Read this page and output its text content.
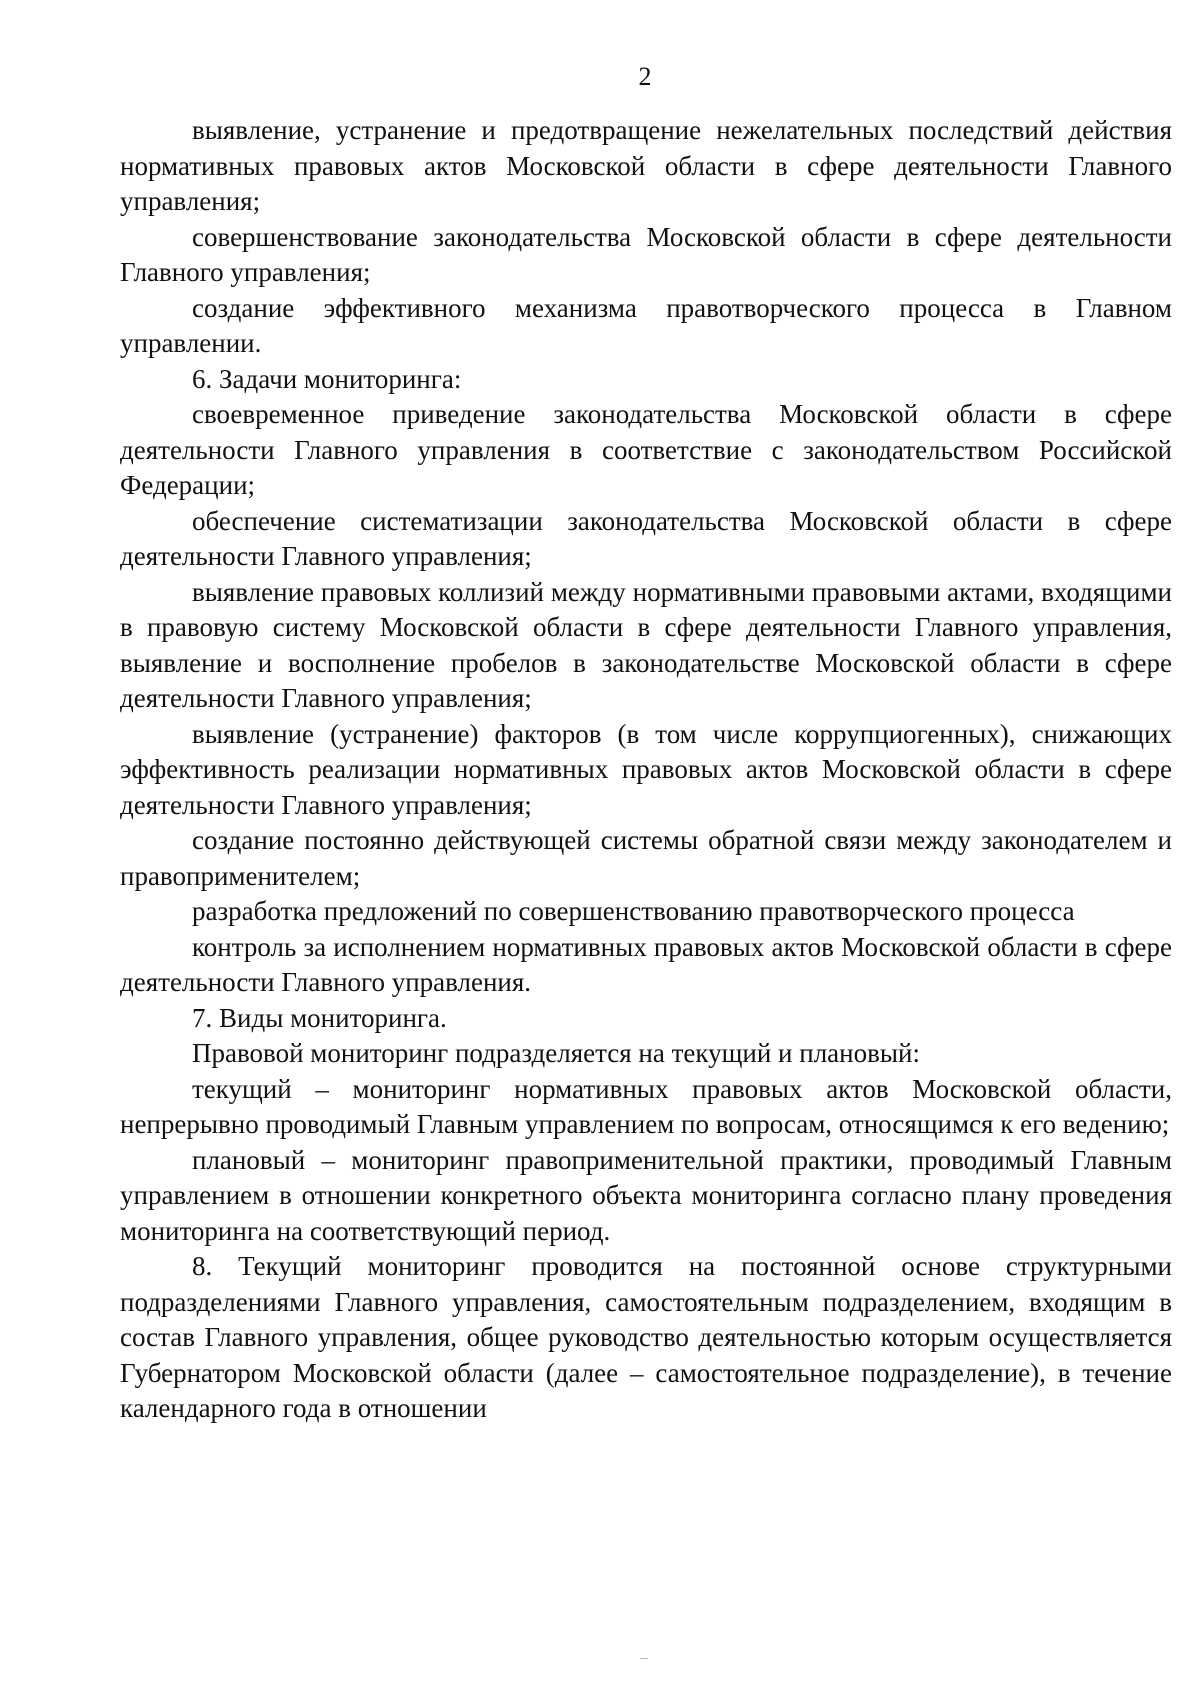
2

выявление, устранение и предотвращение нежелательных последствий действия нормативных правовых актов Московской области в сфере деятельности Главного управления;

совершенствование законодательства Московской области в сфере деятельности Главного управления;

создание эффективного механизма правотворческого процесса в Главном управлении.

6. Задачи мониторинга:

своевременное приведение законодательства Московской области в сфере деятельности Главного управления в соответствие с законодательством Российской Федерации;

обеспечение систематизации законодательства Московской области в сфере деятельности Главного управления;

выявление правовых коллизий между нормативными правовыми актами, входящими в правовую систему Московской области в сфере деятельности Главного управления, выявление и восполнение пробелов в законодательстве Московской области в сфере деятельности Главного управления;

выявление (устранение) факторов (в том числе коррупциогенных), снижающих эффективность реализации нормативных правовых актов Московской области в сфере деятельности Главного управления;

создание постоянно действующей системы обратной связи между законодателем и правоприменителем;

разработка предложений по совершенствованию правотворческого процесса

контроль за исполнением нормативных правовых актов Московской области в сфере деятельности Главного управления.

7. Виды мониторинга.

Правовой мониторинг подразделяется на текущий и плановый:

текущий – мониторинг нормативных правовых актов Московской области, непрерывно проводимый Главным управлением по вопросам, относящимся к его ведению;

плановый – мониторинг правоприменительной практики, проводимый Главным управлением в отношении конкретного объекта мониторинга согласно плану проведения мониторинга на соответствующий период.

8. Текущий мониторинг проводится на постоянной основе структурными подразделениями Главного управления, самостоятельным подразделением, входящим в состав Главного управления, общее руководство деятельностью которым осуществляется Губернатором Московской области (далее – самостоятельное подразделение), в течение календарного года в отношении
